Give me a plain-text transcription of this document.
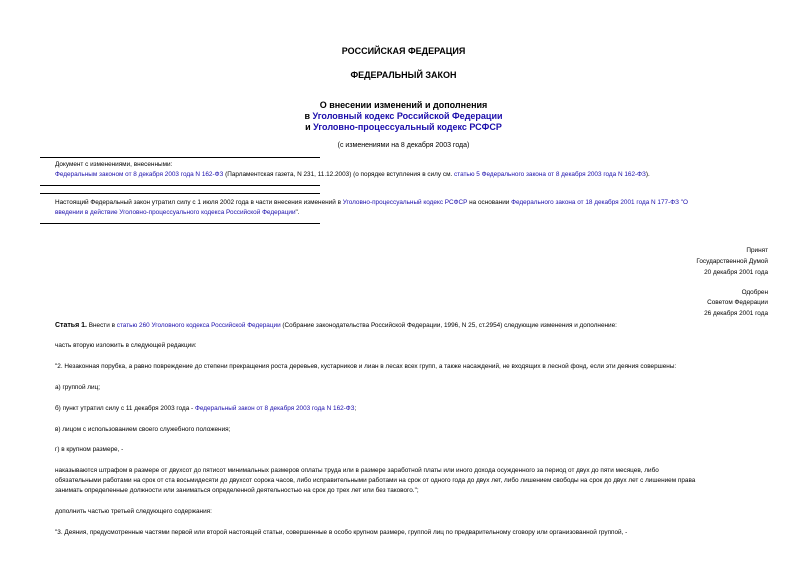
РОССИЙСКАЯ ФЕДЕРАЦИЯ
ФЕДЕРАЛЬНЫЙ ЗАКОН
О внесении изменений и дополнения
в Уголовный кодекс Российской Федерации
и Уголовно-процессуальный кодекс РСФСР
(с изменениями на 8 декабря 2003 года)
Документ с изменениями, внесенными:
Федеральным законом от 8 декабря 2003 года N 162-ФЗ (Парламентская газета, N 231, 11.12.2003) (о порядке вступления в силу см. статью 5 Федерального закона от 8 декабря 2003 года N 162-ФЗ).
Настоящий Федеральный закон утратил силу с 1 июля 2002 года в части внесения изменений в Уголовно-процессуальный кодекс РСФСР на основании Федерального закона от 18 декабря 2001 года N 177-ФЗ "О
введении в действие Уголовно-процессуального кодекса Российской Федерации".
Принят
Государственной Думой
20 декабря 2001 года
Одобрен
Советом Федерации
26 декабря 2001 года
Статья 1. Внести в статью 260 Уголовного кодекса Российской Федерации (Собрание законодательства Российской Федерации, 1996, N 25, ст.2954) следующие изменения и дополнение:
часть вторую изложить в следующей редакции:
"2. Незаконная порубка, а равно повреждение до степени прекращения роста деревьев, кустарников и лиан в лесах всех групп, а также насаждений, не входящих в лесной фонд, если эти деяния совершены:
а) группой лиц;
б) пункт утратил силу с 11 декабря 2003 года - Федеральный закон от 8 декабря 2003 года N 162-ФЗ;
в) лицом с использованием своего служебного положения;
г) в крупном размере, -
наказываются штрафом в размере от двухсот до пятисот минимальных размеров оплаты труда или в размере заработной платы или иного дохода осужденного за период от двух до пяти месяцев, либо
обязательными работами на срок от ста восьмидесяти до двухсот сорока часов, либо исправительными работами на срок от одного года до двух лет, либо лишением свободы на срок до двух лет с лишением права
занимать определенные должности или заниматься определенной деятельностью на срок до трех лет или без такового.";
дополнить частью третьей следующего содержания:
"3. Деяния, предусмотренные частями первой или второй настоящей статьи, совершенные в особо крупном размере, группой лиц по предварительному сговору или организованной группой, -
